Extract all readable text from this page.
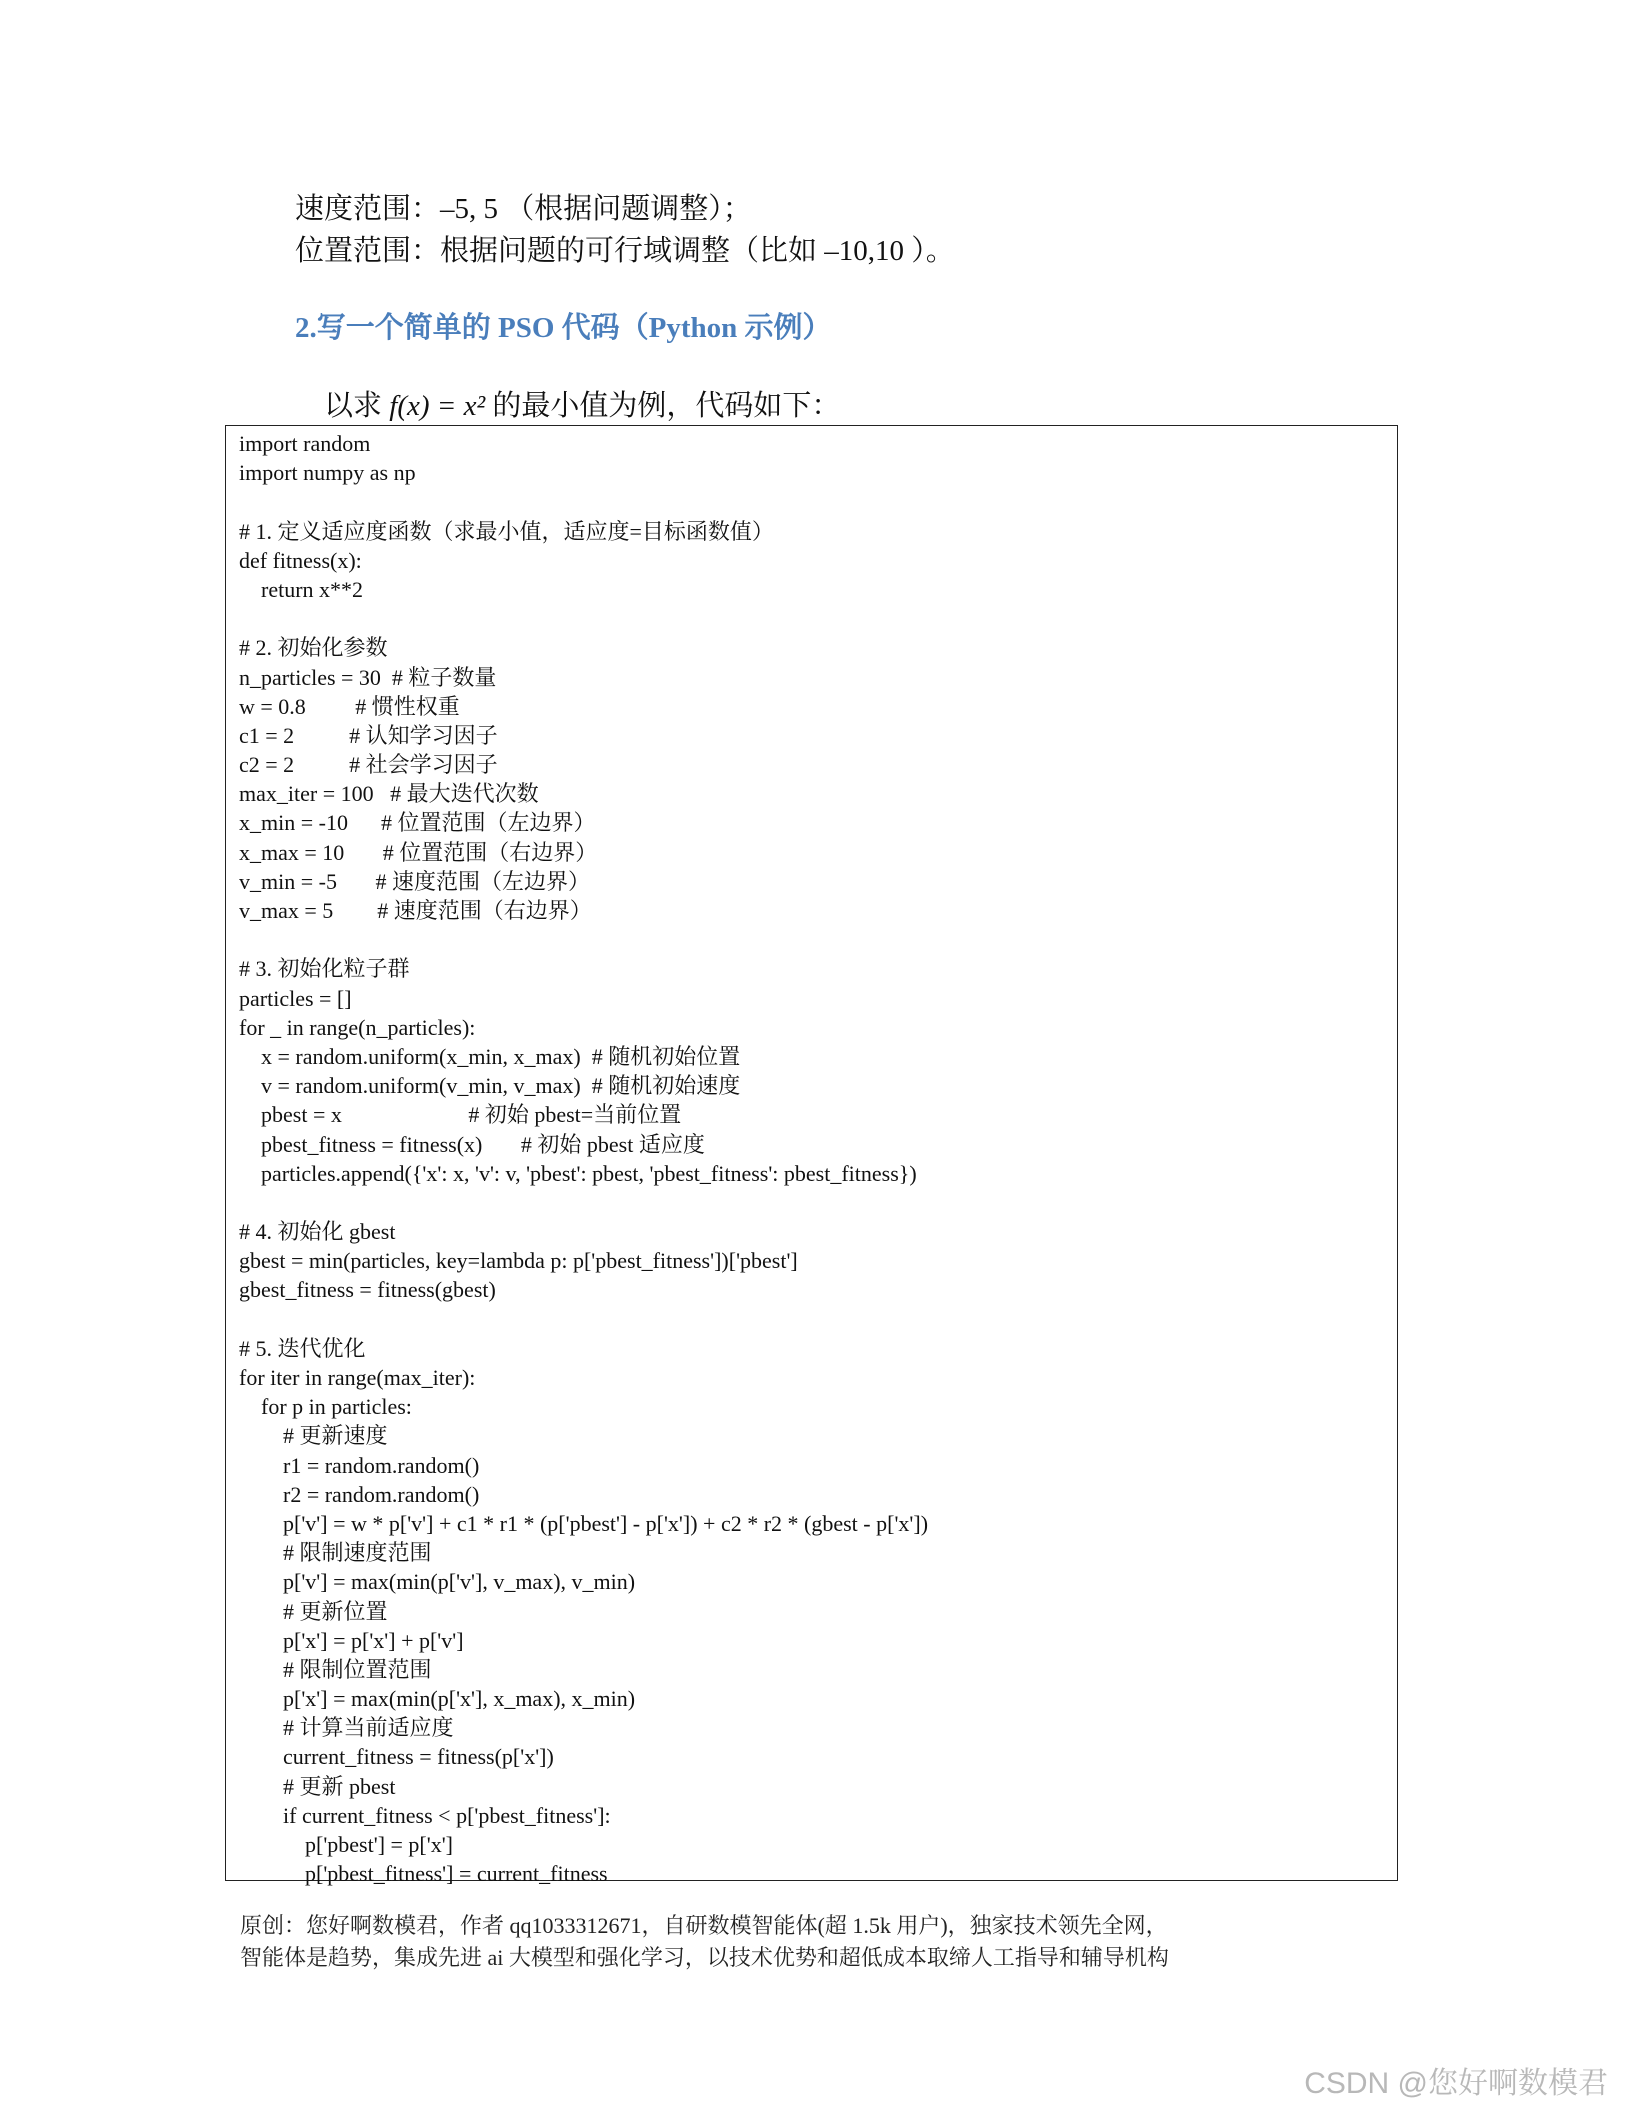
速度范围：–5, 5 （根据问题调整）；
位置范围：根据问题的可行域调整（比如 –10,10 ）。
2.写一个简单的 PSO 代码（Python 示例）

以求 f(x) = x² 的最小值为例，代码如下：

import random
import numpy as np
# 1. 定义适应度函数（求最小值，适应度=目标函数值）
def fitness(x):
return x**2
# 2. 初始化参数
n_particles = 30  # 粒子数量
w = 0.8         # 惯性权重
c1 = 2          # 认知学习因子
c2 = 2          # 社会学习因子
max_iter = 100   # 最大迭代次数
x_min = -10      # 位置范围（左边界）
x_max = 10       # 位置范围（右边界）
v_min = -5       # 速度范围（左边界）
v_max = 5        # 速度范围（右边界）
# 3. 初始化粒子群
particles = []
for _ in range(n_particles):
x = random.uniform(x_min, x_max)  # 随机初始位置
v = random.uniform(v_min, v_max)  # 随机初始速度
pbest = x                       # 初始 pbest=当前位置
pbest_fitness = fitness(x)       # 初始 pbest 适应度
particles.append({'x': x, 'v': v, 'pbest': pbest, 'pbest_fitness': pbest_fitness})
# 4. 初始化 gbest
gbest = min(particles, key=lambda p: p['pbest_fitness'])['pbest']
gbest_fitness = fitness(gbest)
# 5. 迭代优化
for iter in range(max_iter):
for p in particles:
# 更新速度
r1 = random.random()
r2 = random.random()
p['v'] = w * p['v'] + c1 * r1 * (p['pbest'] - p['x']) + c2 * r2 * (gbest - p['x'])
# 限制速度范围
p['v'] = max(min(p['v'], v_max), v_min)
# 更新位置
p['x'] = p['x'] + p['v']
# 限制位置范围
p['x'] = max(min(p['x'], x_max), x_min)
# 计算当前适应度
current_fitness = fitness(p['x'])
# 更新 pbest
if current_fitness < p['pbest_fitness']:
p['pbest'] = p['x']
p['pbest_fitness'] = current_fitness
原创：您好啊数模君，作者 qq1033312671，自研数模智能体(超 1.5k 用户)，独家技术领先全网，
智能体是趋势，集成先进 ai 大模型和强化学习，以技术优势和超低成本取缔人工指导和辅导机构
CSDN @您好啊数模君
